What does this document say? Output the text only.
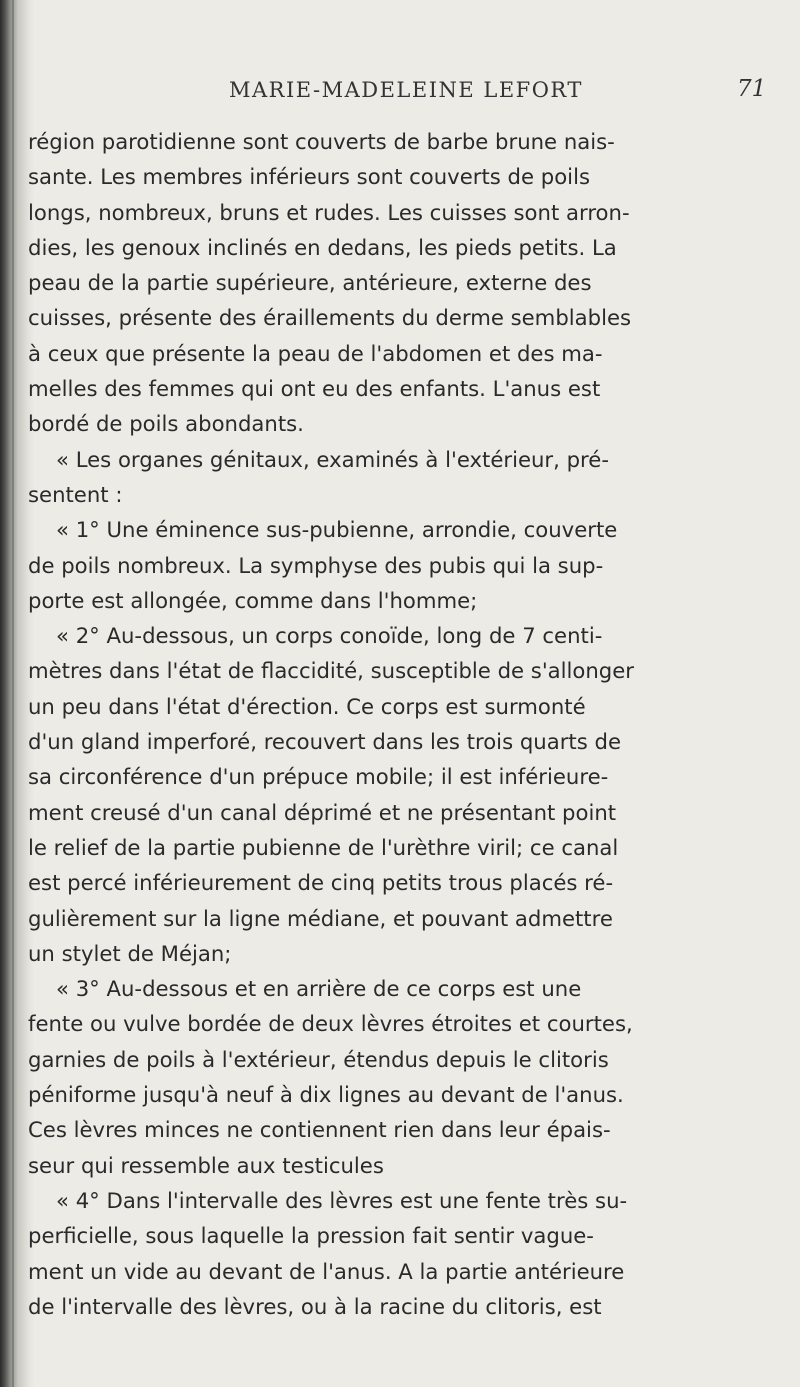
MARIE-MADELEINE LEFORT	71
région parotidienne sont couverts de barbe brune nais-
sante. Les membres inférieurs sont couverts de poils
longs, nombreux, bruns et rudes. Les cuisses sont arron-
dies, les genoux inclinés en dedans, les pieds petits. La
peau de la partie supérieure, antérieure, externe des
cuisses, présente des éraillements du derme semblables
à ceux que présente la peau de l'abdomen et des ma-
melles des femmes qui ont eu des enfants. L'anus est
bordé de poils abondants.
« Les organes génitaux, examinés à l'extérieur, pré-
sentent :
« 1° Une éminence sus-pubienne, arrondie, couverte
de poils nombreux. La symphyse des pubis qui la sup-
porte est allongée, comme dans l'homme;
« 2° Au-dessous, un corps conoïde, long de 7 centi-
mètres dans l'état de flaccidité, susceptible de s'allonger
un peu dans l'état d'érection. Ce corps est surmonté
d'un gland imperforé, recouvert dans les trois quarts de
sa circonférence d'un prépuce mobile; il est inférieure-
ment creusé d'un canal déprimé et ne présentant point
le relief de la partie pubienne de l'urèthre viril; ce canal
est percé inférieurement de cinq petits trous placés ré-
gulièrement sur la ligne médiane, et pouvant admettre
un stylet de Méjan;
« 3° Au-dessous et en arrière de ce corps est une
fente ou vulve bordée de deux lèvres étroites et courtes,
garnies de poils à l'extérieur, étendus depuis le clitoris
péniforme jusqu'à neuf à dix lignes au devant de l'anus.
Ces lèvres minces ne contiennent rien dans leur épais-
seur qui ressemble aux testicules
« 4° Dans l'intervalle des lèvres est une fente très su-
perficielle, sous laquelle la pression fait sentir vague-
ment un vide au devant de l'anus. A la partie antérieure
de l'intervalle des lèvres, ou à la racine du clitoris, est
